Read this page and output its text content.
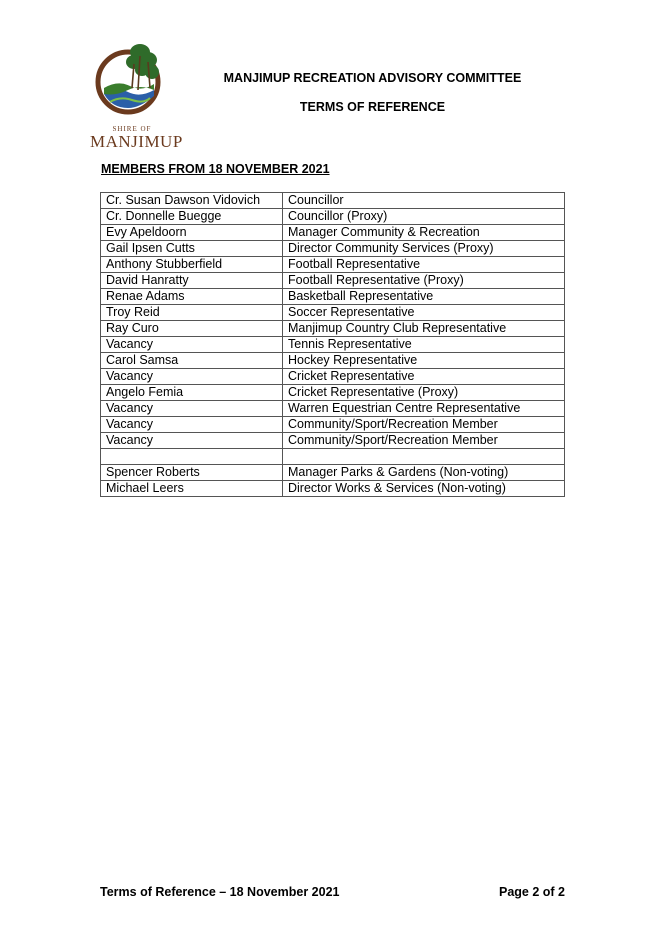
SHIRE OF
MANJIMUP
MANJIMUP RECREATION ADVISORY COMMITTEE
TERMS OF REFERENCE
MEMBERS FROM 18 NOVEMBER 2021
Cr. Susan Dawson Vidovich	Councillor
Cr. Donnelle Buegge	Councillor (Proxy)
Evy Apeldoorn	Manager Community & Recreation
Gail Ipsen Cutts	Director Community Services (Proxy)
Anthony Stubberfield	Football Representative
David Hanratty	Football Representative (Proxy)
Renae Adams	Basketball Representative
Troy Reid	Soccer Representative
Ray Curo	Manjimup Country Club Representative
Vacancy	Tennis Representative
Carol Samsa	Hockey Representative
Vacancy	Cricket Representative
Angelo Femia	Cricket Representative (Proxy)
Vacancy	Warren Equestrian Centre Representative
Vacancy	Community/Sport/Recreation Member
Vacancy	Community/Sport/Recreation Member

Spencer Roberts	Manager Parks & Gardens (Non-voting)
Michael Leers	Director Works & Services (Non-voting)
Terms of Reference – 18 November 2021	Page 2 of 2
